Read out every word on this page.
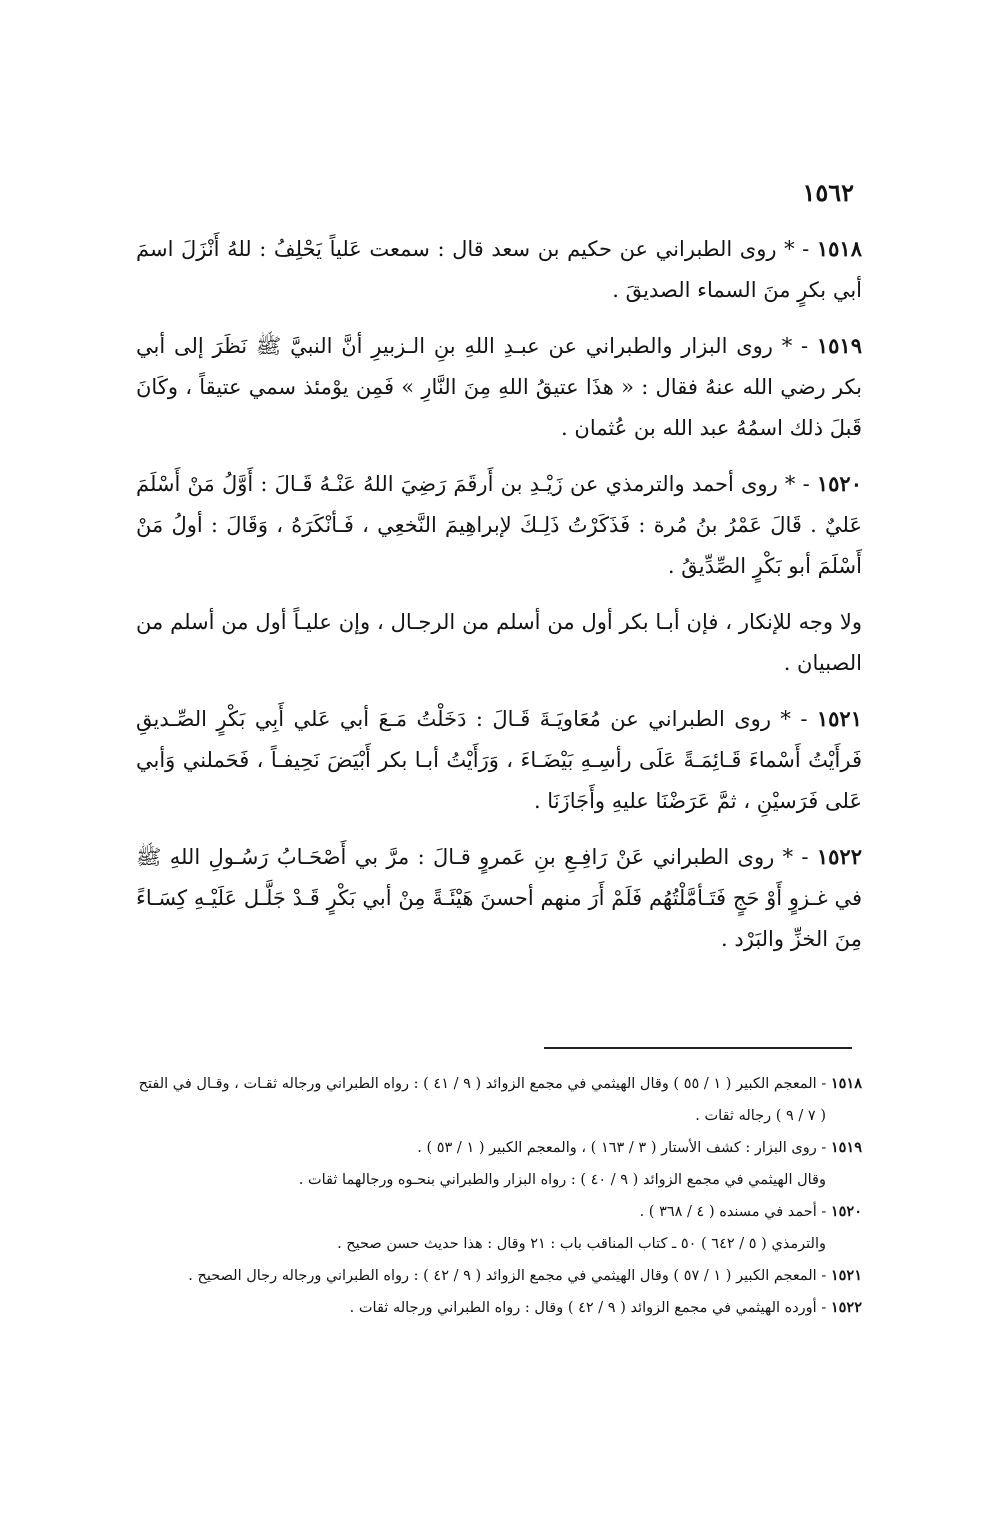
١٥٦٢

١٥١٨ - * روى الطبراني عن حكيم بن سعد قال : سمعت عَلياً يَحْلِفُ : للهُ أَنْزَلَ اسمَ أبي بكرٍ منَ السماء الصديقَ .

١٥١٩ - * روى البزار والطبراني عن عبـدِ اللهِ بنِ الـزبيرِ أنَّ النبيَّ ﷺ نَظَرَ إلى أبي بكر رضي الله عنهُ فقال : « هذَا عتيقُ اللهِ مِنَ النَّارِ » فَمِن يوْمئذ سمي عتيقاً ، وكَانَ قَبلَ ذلك اسمُهُ عبد الله بن عُثمان .

١٥٢٠ - * روى أحمد والترمذي عن زَيْـدِ بن أَرقَمَ رَضِيَ اللهُ عَنْـهُ قَـالَ : أَوَّلُ مَنْ أَسْلَمَ عَليٌ . قَالَ عَمْرُ بنُ مُرة : فَذَكَرْتُ ذَلِـكَ لإبراهِيمَ النَّخعِي ، فَـأنْكَرَهُ ، وَقَالَ : أولُ مَنْ أَسْلَمَ أبو بَكْرٍ الصِّدِّيقُ .

ولا وجه للإنكار ، فإن أبـا بكر أول من أسلم من الرجـال ، وإن عليـاً أول من أسلم من الصبيان .

١٥٢١ - * روى الطبراني عن مُعَاويَـةَ قَـالَ : دَخَلْتُ مَـعَ أبي عَلي أَبِي بَكْرٍ الصِّـديقِ فَرأَيْتُ أَسْماءَ قَـائِمَـةً عَلَى رأسِـهِ بَيْضَـاءَ ، وَرَأَيْتُ أبـا بكر أَبْيَضَ نَحِيفـاً ، فَحَملني وَأبي عَلى فَرَسيْنِ ، ثمَّ عَرَضْنَا عليهِ وأَجَازَنَا .

١٥٢٢ - * روى الطبراني عَنْ رَافِـعِ بنِ عَمروٍ قـالَ : مرَّ بي أَصْحَـابُ رَسُـولِ اللهِ ﷺ في غـزوٍ أَوْ حَجٍ فَتَـأمَّلْتُهُم فَلَمْ أَرَ منهم أحسنَ هَيْئَـةً مِنْ أبي بَكْرٍ قَـدْ جَلَّـل عَلَيْـهِ كِسَـاءً مِنَ الخزِّ والبَرْد .

١٥١٨ - المعجم الكبير ( ١ / ٥٥ ) وقال الهيثمي في مجمع الزوائد ( ٩ / ٤١ ) : رواه الطبراني ورجاله ثقـات ، وقـال في الفتح
( ٧ / ٩ ) رجاله ثقات .
١٥١٩ - روى البزار : كشف الأستار ( ٣ / ١٦٣ ) ، والمعجم الكبير ( ١ / ٥٣ ) .
وقال الهيثمي في مجمع الزوائد ( ٩ / ٤٠ ) : رواه البزار والطبراني بنحـوه ورجالهما ثقات .
١٥٢٠ - أحمد في مسنده ( ٤ / ٣٦٨ ) .
والترمذي ( ٥ / ٦٤٢ ) ٥٠ ـ كتاب المناقب باب : ٢١ وقال : هذا حديث حسن صحيح .
١٥٢١ - المعجم الكبير ( ١ / ٥٧ ) وقال الهيثمي في مجمع الزوائد ( ٩ / ٤٢ ) : رواه الطبراني ورجاله رجال الصحيح .
١٥٢٢ - أورده الهيثمي في مجمع الزوائد ( ٩ / ٤٢ ) وقال : رواه الطبراني ورجاله ثقات .
